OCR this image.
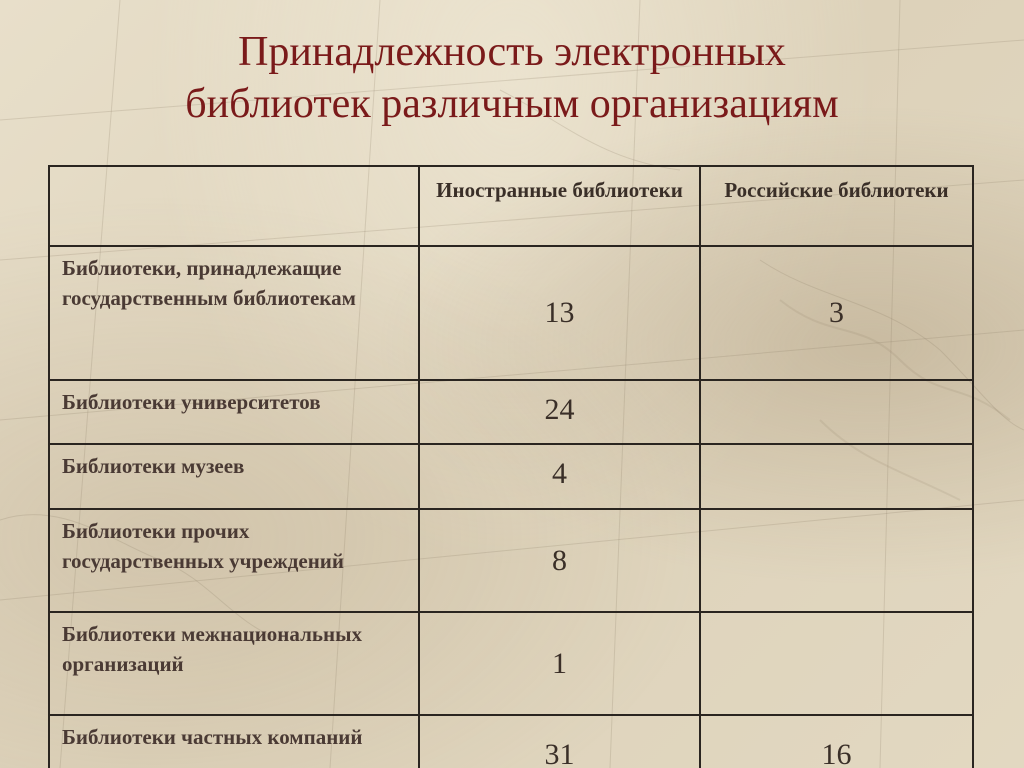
Принадлежность электронных
библиотек различным организациям
	Иностранные библиотеки	Российские библиотеки
Библиотеки, принадлежащие государственным библиотекам	13	3
Библиотеки университетов	24	
Библиотеки музеев	4	
Библиотеки прочих государственных учреждений	8	
Библиотеки межнациональных организаций	1	
Библиотеки частных компаний	31	16
